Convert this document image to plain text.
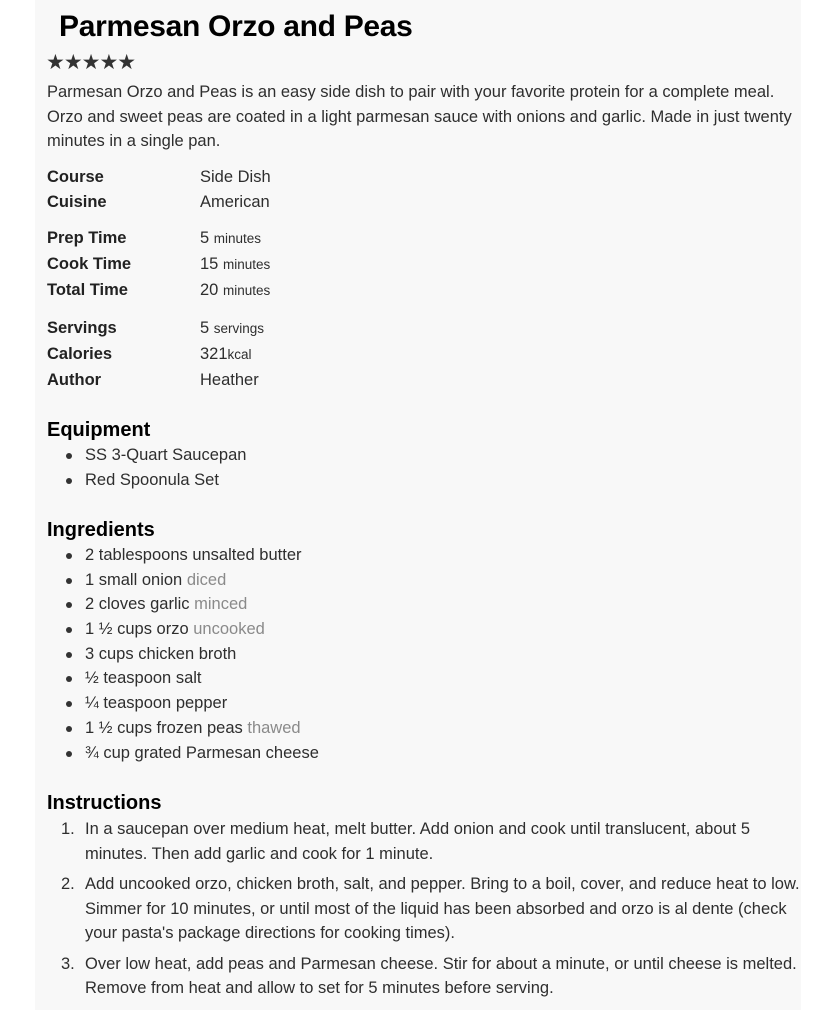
Parmesan Orzo and Peas
★★★★★
Parmesan Orzo and Peas is an easy side dish to pair with your favorite protein for a complete meal. Orzo and sweet peas are coated in a light parmesan sauce with onions and garlic. Made in just twenty minutes in a single pan.
Course	Side Dish
Cuisine	American
Prep Time	5 minutes
Cook Time	15 minutes
Total Time	20 minutes
Servings	5 servings
Calories	321kcal
Author	Heather
Equipment
SS 3-Quart Saucepan
Red Spoonula Set
Ingredients
2 tablespoons unsalted butter
1 small onion diced
2 cloves garlic minced
1 ½ cups orzo uncooked
3 cups chicken broth
½ teaspoon salt
¼ teaspoon pepper
1 ½ cups frozen peas thawed
¾ cup grated Parmesan cheese
Instructions
1. In a saucepan over medium heat, melt butter. Add onion and cook until translucent, about 5 minutes. Then add garlic and cook for 1 minute.
2. Add uncooked orzo, chicken broth, salt, and pepper. Bring to a boil, cover, and reduce heat to low. Simmer for 10 minutes, or until most of the liquid has been absorbed and orzo is al dente (check your pasta's package directions for cooking times).
3. Over low heat, add peas and Parmesan cheese. Stir for about a minute, or until cheese is melted. Remove from heat and allow to set for 5 minutes before serving.
